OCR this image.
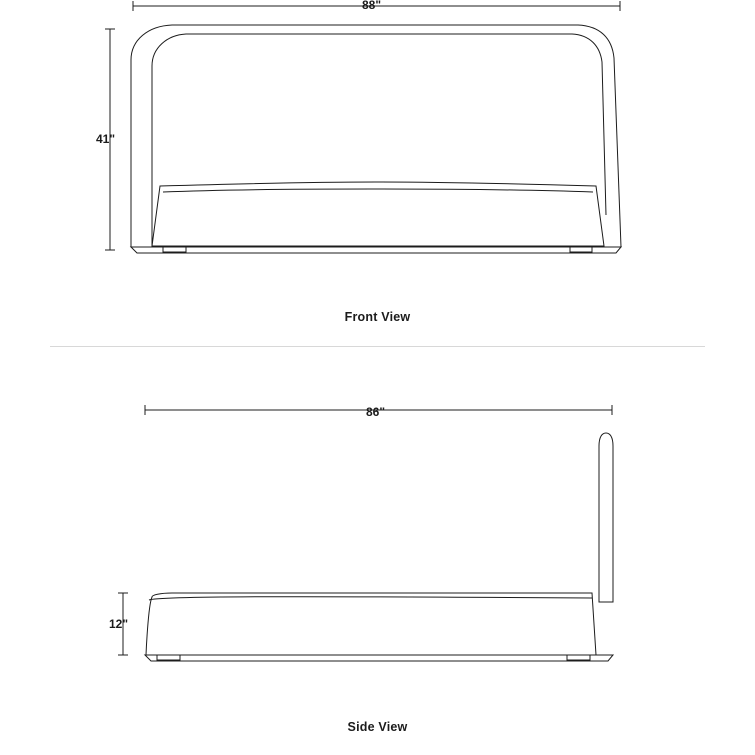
88"
41"
Front View
86"
12"
Side View
